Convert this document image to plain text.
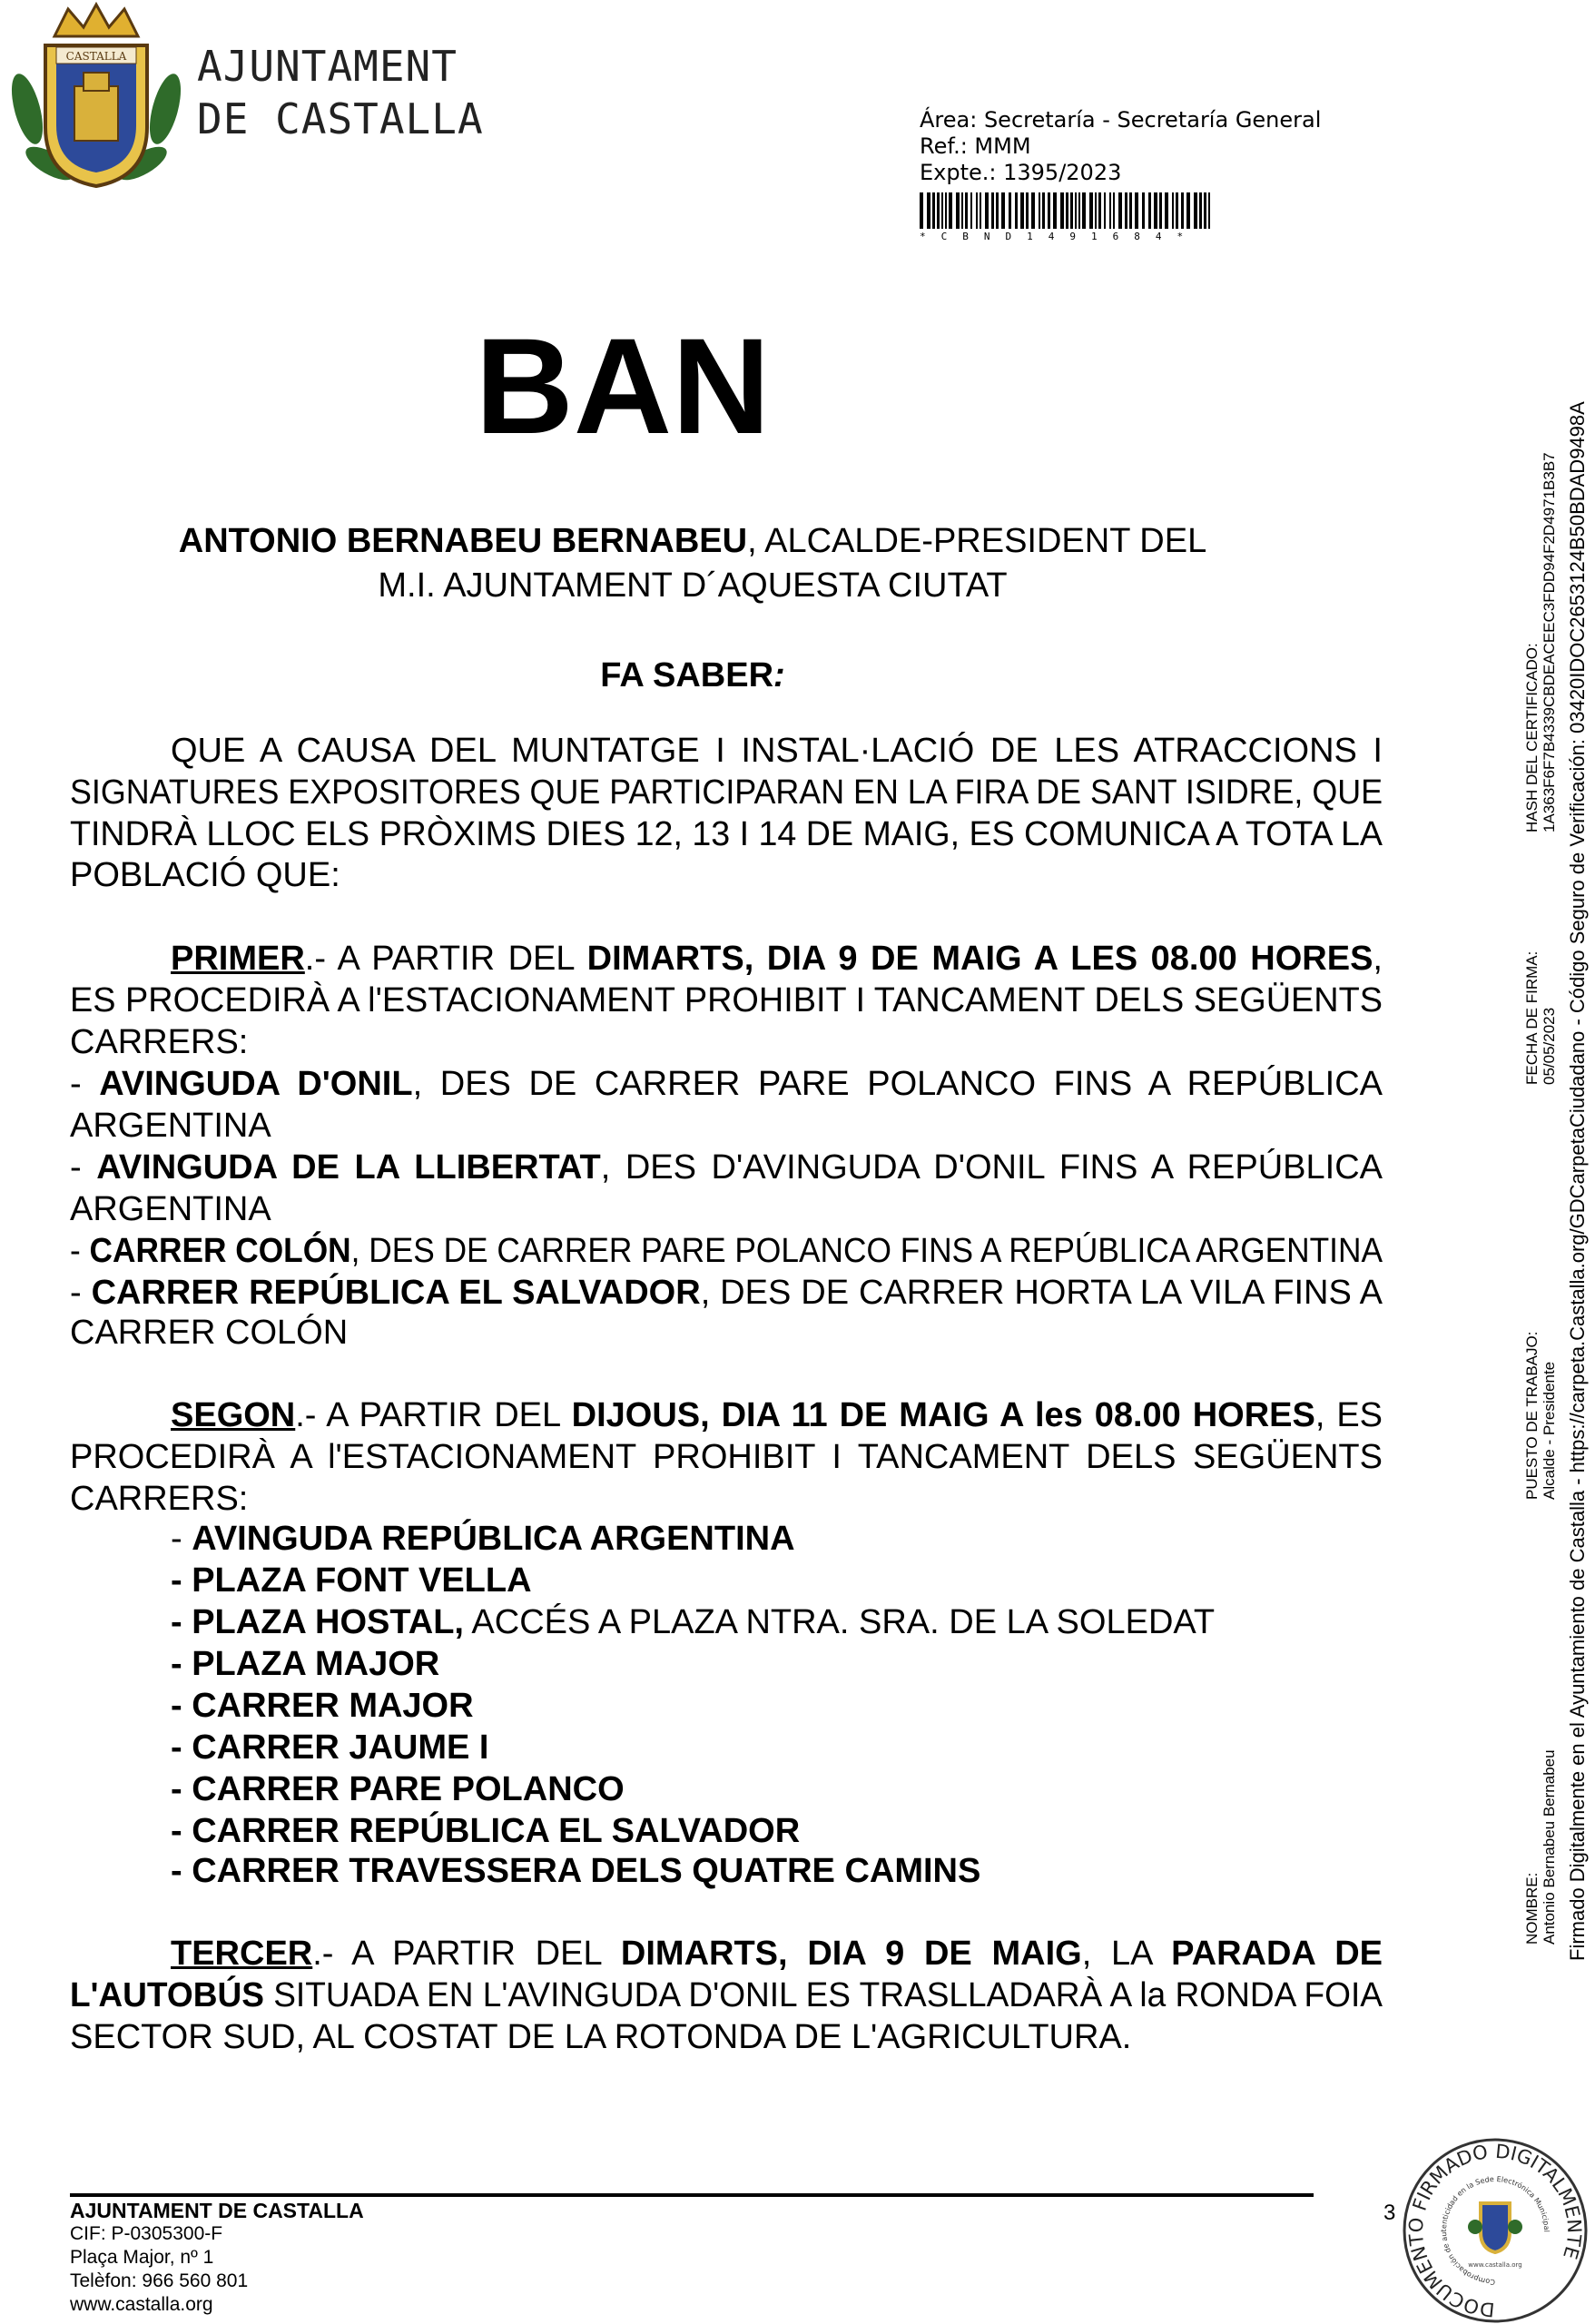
CASTALLA AJUNTAMENT
DE CASTALLA	Área: Secretaría - Secretaría General
Ref.: MMM
Expte.: 1395/2023
*CBND1491684*
BAN
ANTONIO BERNABEU BERNABEU, ALCALDE-PRESIDENT DEL
M.I. AJUNTAMENT D´AQUESTA CIUTAT
FA SABER:
QUE A CAUSA DEL MUNTATGE I INSTAL·LACIÓ DE LES ATRACCIONS I
SIGNATURES EXPOSITORES QUE PARTICIPARAN EN LA FIRA DE SANT ISIDRE, QUE
TINDRÀ LLOC ELS PRÒXIMS DIES 12, 13 I 14 DE MAIG, ES COMUNICA A TOTA LA
POBLACIÓ QUE:
PRIMER.- A PARTIR DEL DIMARTS, DIA 9 DE MAIG A LES 08.00 HORES,
ES PROCEDIRÀ A l'ESTACIONAMENT PROHIBIT I TANCAMENT DELS SEGÜENTS
CARRERS:
- AVINGUDA D'ONIL, DES DE CARRER PARE POLANCO FINS A REPÚBLICA
ARGENTINA
- AVINGUDA DE LA LLIBERTAT, DES D'AVINGUDA D'ONIL FINS A REPÚBLICA
ARGENTINA
- CARRER COLÓN, DES DE CARRER PARE POLANCO FINS A REPÚBLICA ARGENTINA
- CARRER REPÚBLICA EL SALVADOR, DES DE CARRER HORTA LA VILA FINS A
CARRER COLÓN
SEGON.- A PARTIR DEL DIJOUS, DIA 11 DE MAIG A les 08.00 HORES, ES
PROCEDIRÀ A l'ESTACIONAMENT PROHIBIT I TANCAMENT DELS SEGÜENTS
CARRERS:
- AVINGUDA REPÚBLICA ARGENTINA
- PLAZA FONT VELLA
- PLAZA HOSTAL, ACCÉS A PLAZA NTRA. SRA. DE LA SOLEDAT
- PLAZA MAJOR
- CARRER MAJOR
- CARRER JAUME I
- CARRER PARE POLANCO
- CARRER REPÚBLICA EL SALVADOR
- CARRER TRAVESSERA DELS QUATRE CAMINS
TERCER.- A PARTIR DEL DIMARTS, DIA 9 DE MAIG, LA PARADA DE
L'AUTOBÚS SITUADA EN L'AVINGUDA D'ONIL ES TRASLLADARÀ A la RONDA FOIA
SECTOR SUD, AL COSTAT DE LA ROTONDA DE L'AGRICULTURA.
AJUNTAMENT DE CASTALLA
CIF: P-0305300-F
Plaça Major, nº 1
Telèfon: 966 560 801
www.castalla.org
3
DOCUMENTO FIRMADO DIGITALMENTE
Comprobación de autenticidad en la Sede Electrónica Municipal
www.castalla.org
NOMBRE: Antonio Bernabeu Bernabeu
PUESTO DE TRABAJO: Alcalde - Presidente
FECHA DE FIRMA: 05/05/2023
HASH DEL CERTIFICADO: 1A363F6F7B4339CBDEACEEC3FDD94F2D4971B3B7 Firmado Digitalmente en el Ayuntamiento de Castalla - https://carpeta.Castalla.org/GDCarpetaCiudadano - Código Seguro de Verificación: 03420IDOC2653124B50BDAD9498A
